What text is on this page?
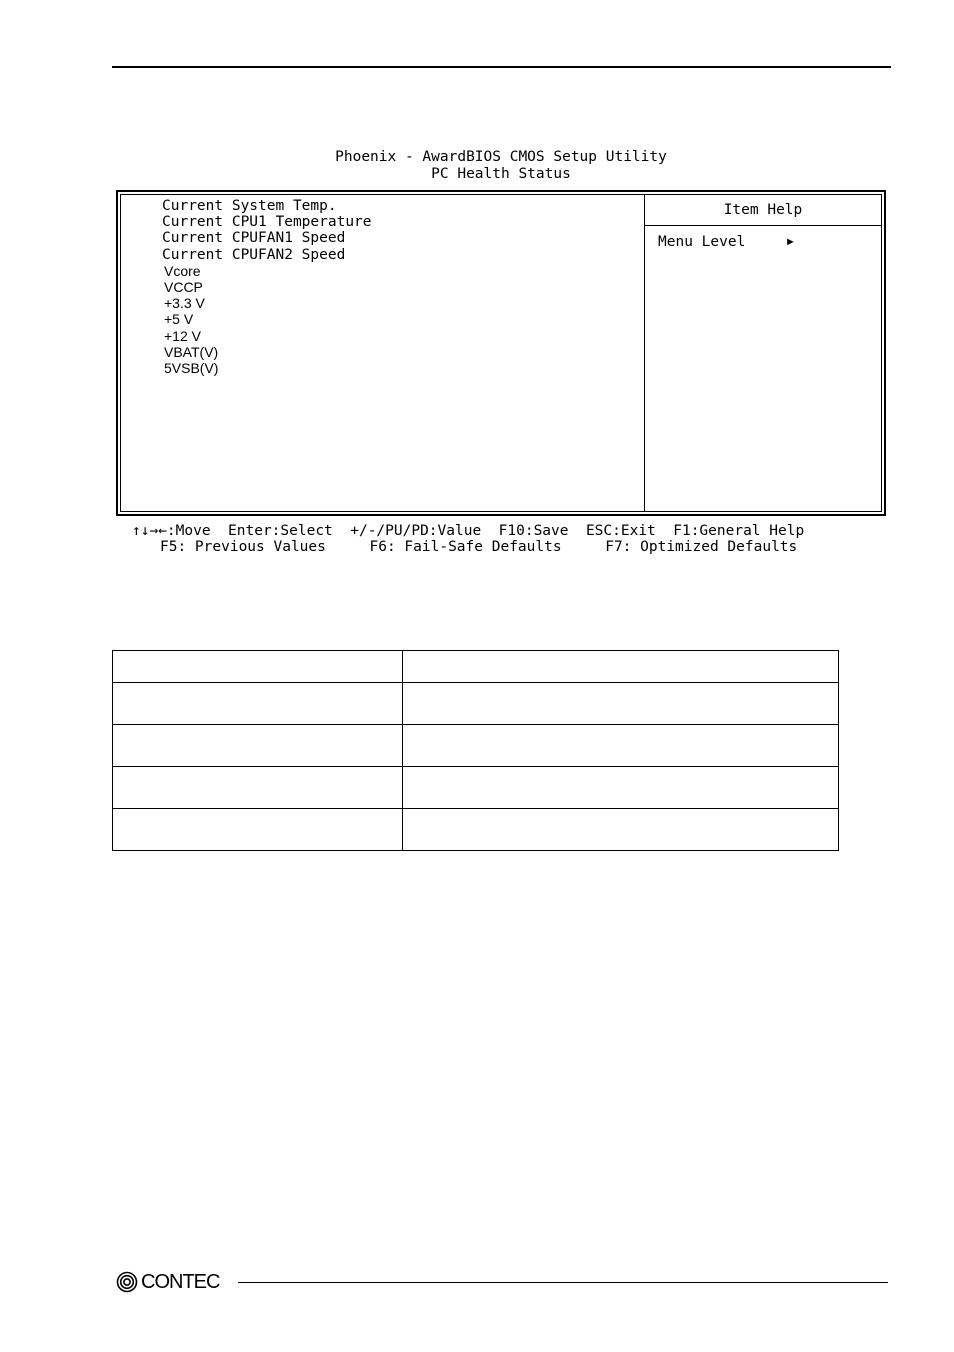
Phoenix - AwardBIOS CMOS Setup Utility
PC Health Status
Current System Temp.
Current CPU1 Temperature
Current CPUFAN1 Speed
Current CPUFAN2 Speed
Vcore
VCCP
+3.3 V
+5 V
+12 V
VBAT(V)
5VSB(V)
Item Help
Menu Level	►
↑↓→←:Move  Enter:Select  +/-/PU/PD:Value  F10:Save  ESC:Exit  F1:General Help
F5: Previous Values     F6: Fail-Safe Defaults     F7: Optimized Defaults

CONTEC
